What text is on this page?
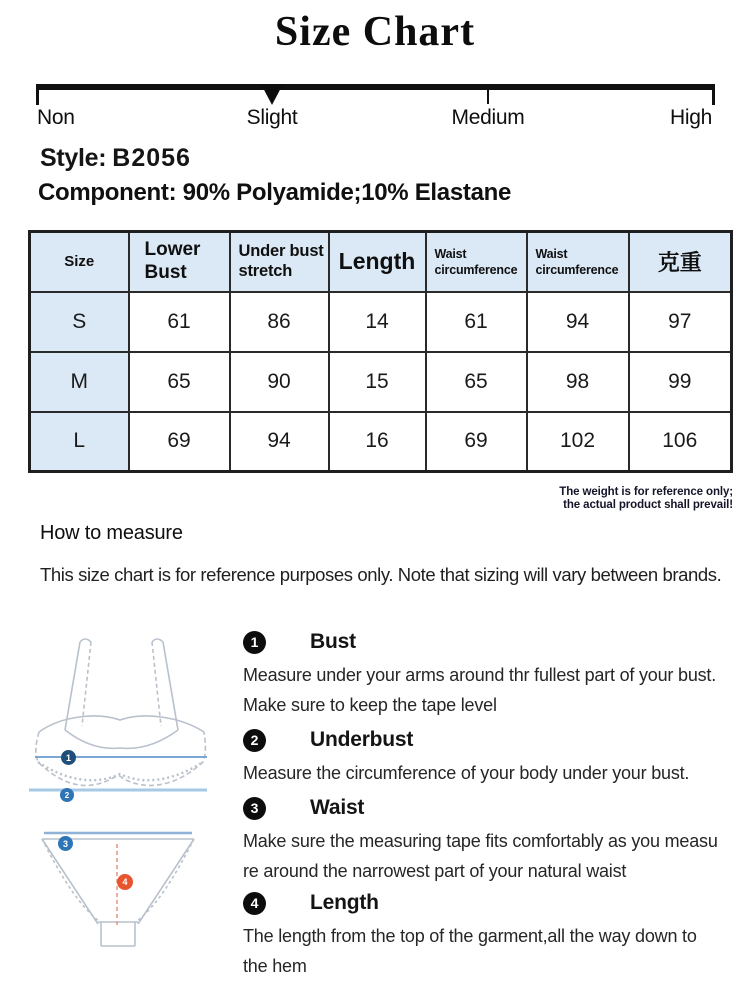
Size Chart
Non	Slight	Medium	High
Style: B2056
Component: 90% Polyamide;10% Elastane
Size	Lower Bust	Under bust stretch	Length	Waist circumference	Waist circumference	克重
S	61	86	14	61	94	97
M	65	90	15	65	98	99
L	69	94	16	69	102	106
The weight is for reference only;
the actual product shall prevail!
How to measure
This size chart is for reference purposes only. Note that sizing will vary between brands.
1
2
3
4
1	Bust
Measure under your arms around thr fullest part of your bust.
Make sure to keep the tape level
2	Underbust
Measure the circumference of your body under your bust.
3	Waist
Make sure the measuring tape fits comfortably as you measu
re around the narrowest part of your natural waist
4	Length
The length from the top of the garment,all the way down to
the hem
